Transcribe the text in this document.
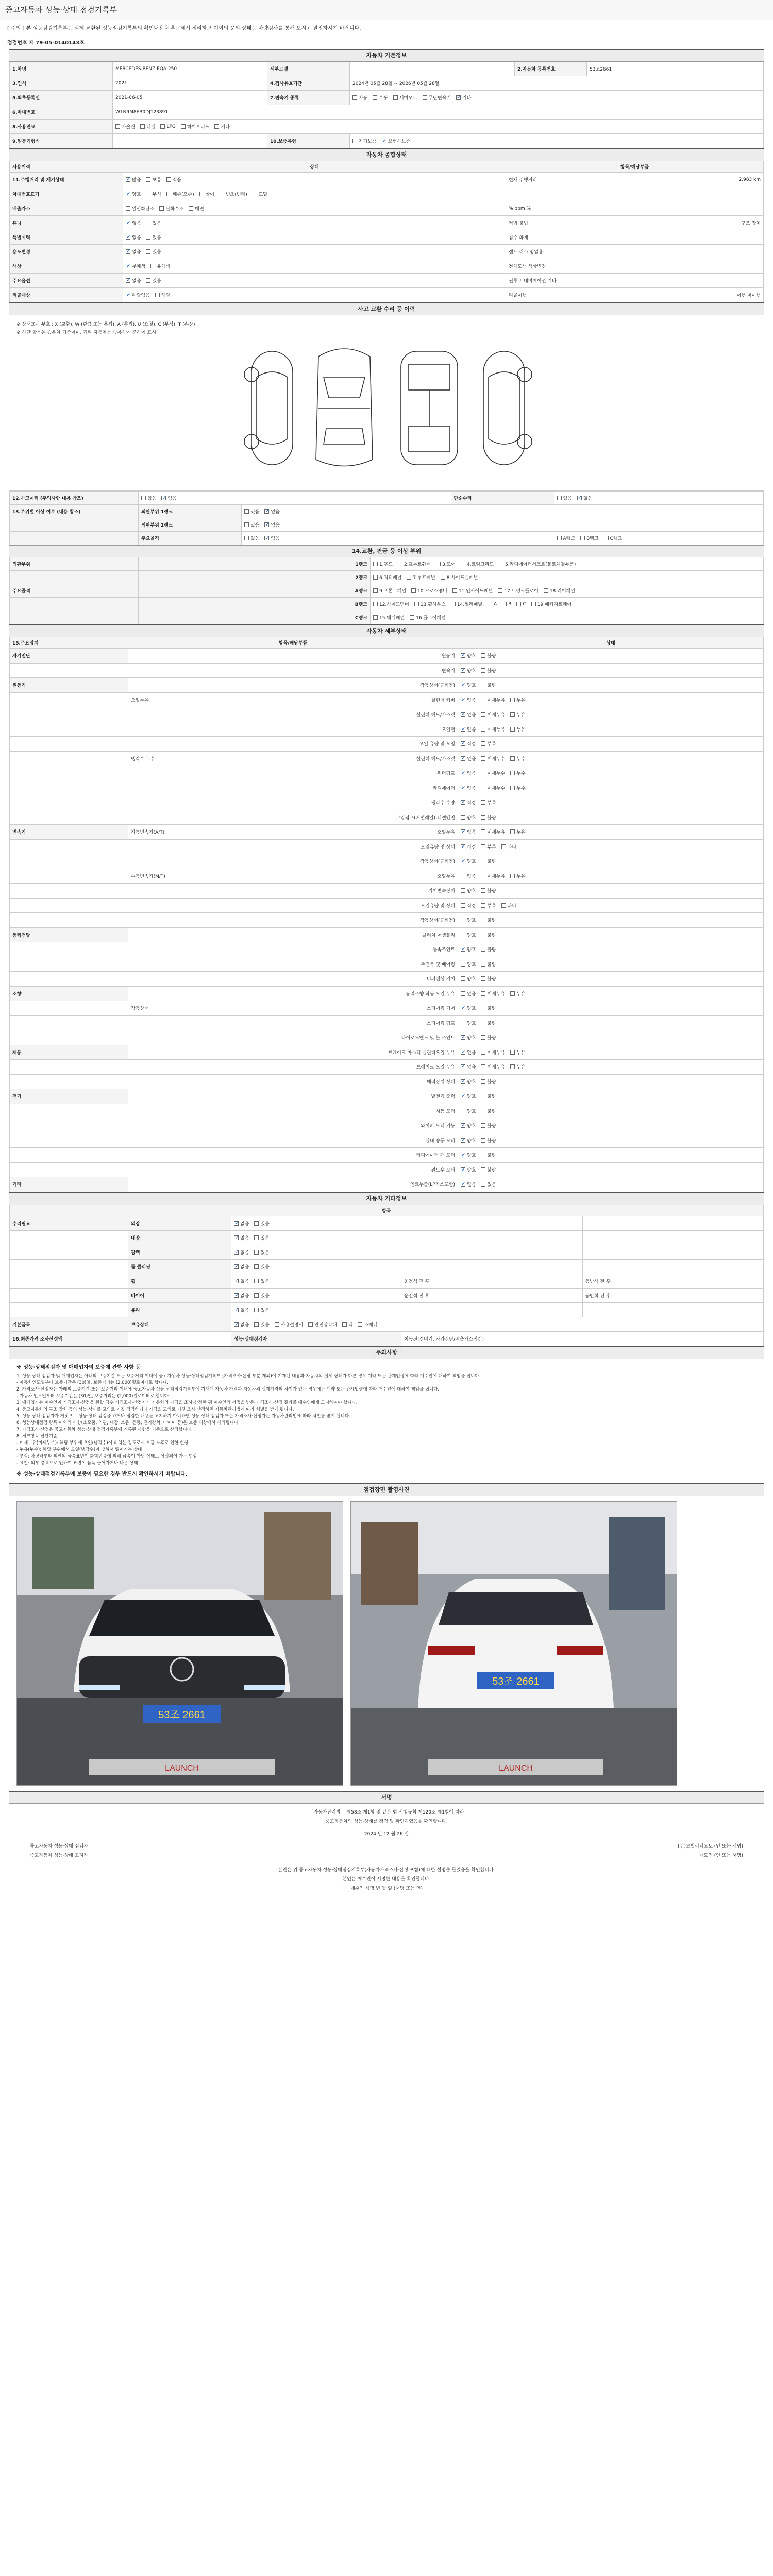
중고자동차 성능·상태 점검기록부
[ 주의 ] 본 성능점검기록부는 실제 교환된 성능점검기록부의 확인내용을 홈교해서 정리하고 이외의 문의 상태는 차량검사를 통해 보시고 결정하시기 바랍니다.
점검번호 제 79-05-0140143호
자동차 기본정보
1.차명	MERCEDES-BENZ EQA 250	세부모델	2.자동차 등록번호	53조2661
3.연식	2021	4.검사유효기간	2024년 05월 28일 ~ 2026년 05월 28일
5.최초등록일	2021-06-05	7.변속기 종류	자동 수동 세미오토 무단변속기 ✓ 기타
6.차대번호	W1N9M8EB0DJ123891
8.사용연료	가솔린 디젤 LPG 하이브리드 기타
9.원동기형식	10.보증유형	자가보증 ✓ 보험사보증
자동차 종합상태
사용이력	상태	항목/해당부품
11.주행거리 및 계기상태 ✓	많음 보통 적음	현재 주행거리	2,983 km
차대번호표기 ✓	양호 부식 훼손(오손) 상이 변조(변타) 도말
배출가스	일산화탄소 탄화수소 매연	% ppm %
튜닝 ✓	없음 있음	적법 불법	구조 장치
특별이력 ✓	없음 있음	침수 화재
용도변경 ✓	없음 있음	렌트 리스 영업용
색상 ✓	무채색 유채색	전체도색 색상변경
주요옵션 ✓	없음 있음	썬루프 네비게이션 기타
리콜대상 ✓	해당없음 해당	리콜이행	이행 미이행
사고 교환 수리 등 이력
※ 상태표시 부호 : X (교환), W (판금 또는 용접), A (흠집), U (요철), C (부식), T (손상)
※ 하단 항목은 승용차 기준이며, 기타 자동차는 승용차에 준하여 표시
12.사고이력 (주의사항 내용 참조)	있음 ✓ 없음	단순수리	있음 ✓ 없음
13.부위별 이상 여부 (내용 참조)	외판부위 1랭크	있음 ✓ 없음
외판부위 2랭크	있음 ✓ 없음
주요골격	있음 ✓ 없음	A랭크 B랭크 C랭크
14.교환, 판금 등 이상 부위
외판부위	1랭크	1.후드 2.프론트휀더 3.도어 4.트렁크리드 5.라디에이터서포트(볼트체결부품)
2랭크	6.쿼터패널 7.루프패널 8.사이드실패널
주요골격	A랭크	9.프론트패널 10.크로스멤버 11.인사이드패널 17.트렁크플로어 18.리어패널
B랭크	12.사이드멤버 13.휠하우스 14.필러패널 A B C 19.패키지트레이
C랭크	15.대쉬패널 16.플로어패널
자동차 세부상태
15.주요장치	항목/해당부품	상태
자기진단	원동기 ✓	양호 불량
변속기 ✓	양호 불량
원동기	작동상태(공회전) ✓	양호 불량
오일누유	실린더 커버 ✓	없음 미세누유 누유
실린더 헤드/가스켓 ✓	없음 미세누유 누유
오일팬 ✓	없음 미세누유 누유
오일 유량 및 오염 ✓	적정 부족
냉각수 누수	실린더 헤드/가스켓 ✓	없음 미세누수 누수
워터펌프 ✓	없음 미세누수 누수
라디에이터 ✓	없음 미세누수 누수
냉각수 수량 ✓	적정 부족
고압펌프(커먼레일)-디젤엔진	양호 불량
변속기	자동변속기(A/T)	오일누유 ✓	없음 미세누유 누유
오일유량 및 상태 ✓	적정 부족 과다
작동상태(공회전) ✓	양호 불량
수동변속기(M/T)	오일누유	없음 미세누유 누유
기어변속장치	양호 불량
오일유량 및 상태	적정 부족 과다
작동상태(공회전)	양호 불량
동력전달	클러치 어셈블리	양호 불량
등속조인트 ✓	양호 불량
추진축 및 베어링	양호 불량
디퍼렌셜 기어	양호 불량
조향	동력조향 작동 오일 누유	없음 미세누유 누유
작동상태	스티어링 기어 ✓	양호 불량
스티어링 펌프	양호 불량
타이로드엔드 및 볼 조인트 ✓	양호 불량
제동	브레이크 마스터 실린더오일 누유 ✓	없음 미세누유 누유
브레이크 오일 누유 ✓	없음 미세누유 누유
배력장치 상태 ✓	양호 불량
전기	발전기 출력 ✓	양호 불량
시동 모터	양호 불량
와이퍼 모터 기능 ✓	양호 불량
실내 송풍 모터 ✓	양호 불량
라디에이터 팬 모터 ✓	양호 불량
윈도우 모터 ✓	양호 불량
기타	연료누출(LP가스포함) ✓	없음 있음
자동차 기타정보
항목
수리필요	외장 ✓	없음 있음
내장 ✓	없음 있음
광택 ✓	없음 있음
룸 클리닝 ✓	없음 있음
휠 ✓	없음 있음	운전석 전 후	동반석 전 후
타이어 ✓	없음 있음	운전석 전 후	동반석 전 후
유리 ✓	없음 있음
기본품목	보유상태 ✓	없음 있음 사용설명서 안전삼각대 잭 스패너
16.최종가격 조사산정액	성능·상태점검자	이동진(정비기, 자가진단/배출가스점검)
주의사항
※ 성능·상태점검자 및 매매업자의 보증에 관한 사항 등
1. 성능·상태 점검자 및 매매업자는 아래의 보증기간 또는 보증거리 이내에 중고자동차 성능·상태점검기록부 (가격조사·산정 부분 제외)에 기재된 내용과 자동차의 실제 상태가 다른 경우 계약 또는 관계법령에 따라 매수인에 대하여 책임을 집니다.
- 자동차인도일부터 보증기간은 (30)일, 보증거리는 (2,000)킬로미터로 합니다.
2. 가격조사·산정자는 아래의 보증기간 또는 보증거리 이내에 중고자동차 성능·상태점검기록부에 기재된 자동차 가격과 자동차의 실제가격의 차이가 있는 경우에는 계약 또는 관계법령에 따라 매수인에 대하여 책임을 집니다.
- 자동차 인도일부터 보증기간은 (30)일, 보증거리는 (2,000)킬로미터로 합니다.
3. 매매업자는 매수인이 가격조사·산정을 원할 경우 가격조사·산정자가 자동차의 가격을 조사·산정한 뒤 매수인의 서명을 받은 가격조사·산정 결과를 매수인에게 고지하여야 합니다.
4. 중고자동차의 구조·장치 등의 성능·상태를 고의로 거짓 점검하거나 가격을 고의로 거짓 조사·산정하면 자동차관리법에 따라 처벌을 받게 됩니다.
5. 성능·상태 점검자가 거짓으로 성능·상태 점검을 하거나 점검한 내용을 고지하지 아니하면 성능·상태 점검자 또는 가격조사·산정자는 자동차관리법에 따라 처벌을 받게 됩니다.
6. 성능상태점검 항목 이외의 사항(소모품, 외관, 내장, 소음, 진동, 전기장치, 타이어 등)은 보증 대상에서 제외됩니다.
7. 가격조사·산정은 중고자동차 성능·상태 점검기록부에 기록된 사항을 기준으로 산정합니다.
8. 체크항목 판단기준
- 미세누유(미세누수): 해당 부위에 오일(냉각수)이 비치는 정도로서 부품 노후로 인한 현상
- 누유(누수): 해당 부위에서 오일(냉각수)이 맺혀서 떨어지는 상태
- 부식: 차량하부와 외판의 금속표면이 화학반응에 의해 금속이 아닌 상태로 상실되어 가는 현상
- 요철: 외부 충격으로 인하여 표면이 움푹 들어가거나 나온 상태
※ 성능·상태점검기록부에 보증이 필요한 경우 반드시 확인하시기 바랍니다.
점검장면 촬영사진
53조 2661
LAUNCH
53조 2661
LAUNCH
서명
「자동차관리법」 제58조 제1항 및 같은 법 시행규칙 제120조 제1항에 따라
중고자동차의 성능·상태를 점검 및 확인하였음을 확인합니다.
2024 년 12 월 26 일
중고자동차 성능·상태 점검자	(주)모빌리티오토 (인 또는 서명)
중고자동차 성능·상태 고지자	매도인 (인 또는 서명)
본인은 위 중고자동차 성능·상태점검기록부(자동차가격조사·산정 포함)에 대한 설명을 들었음을 확인합니다.
본인은 매수인이 서명한 내용을 확인합니다.
매수인 성명 년 월 일 (서명 또는 인)
